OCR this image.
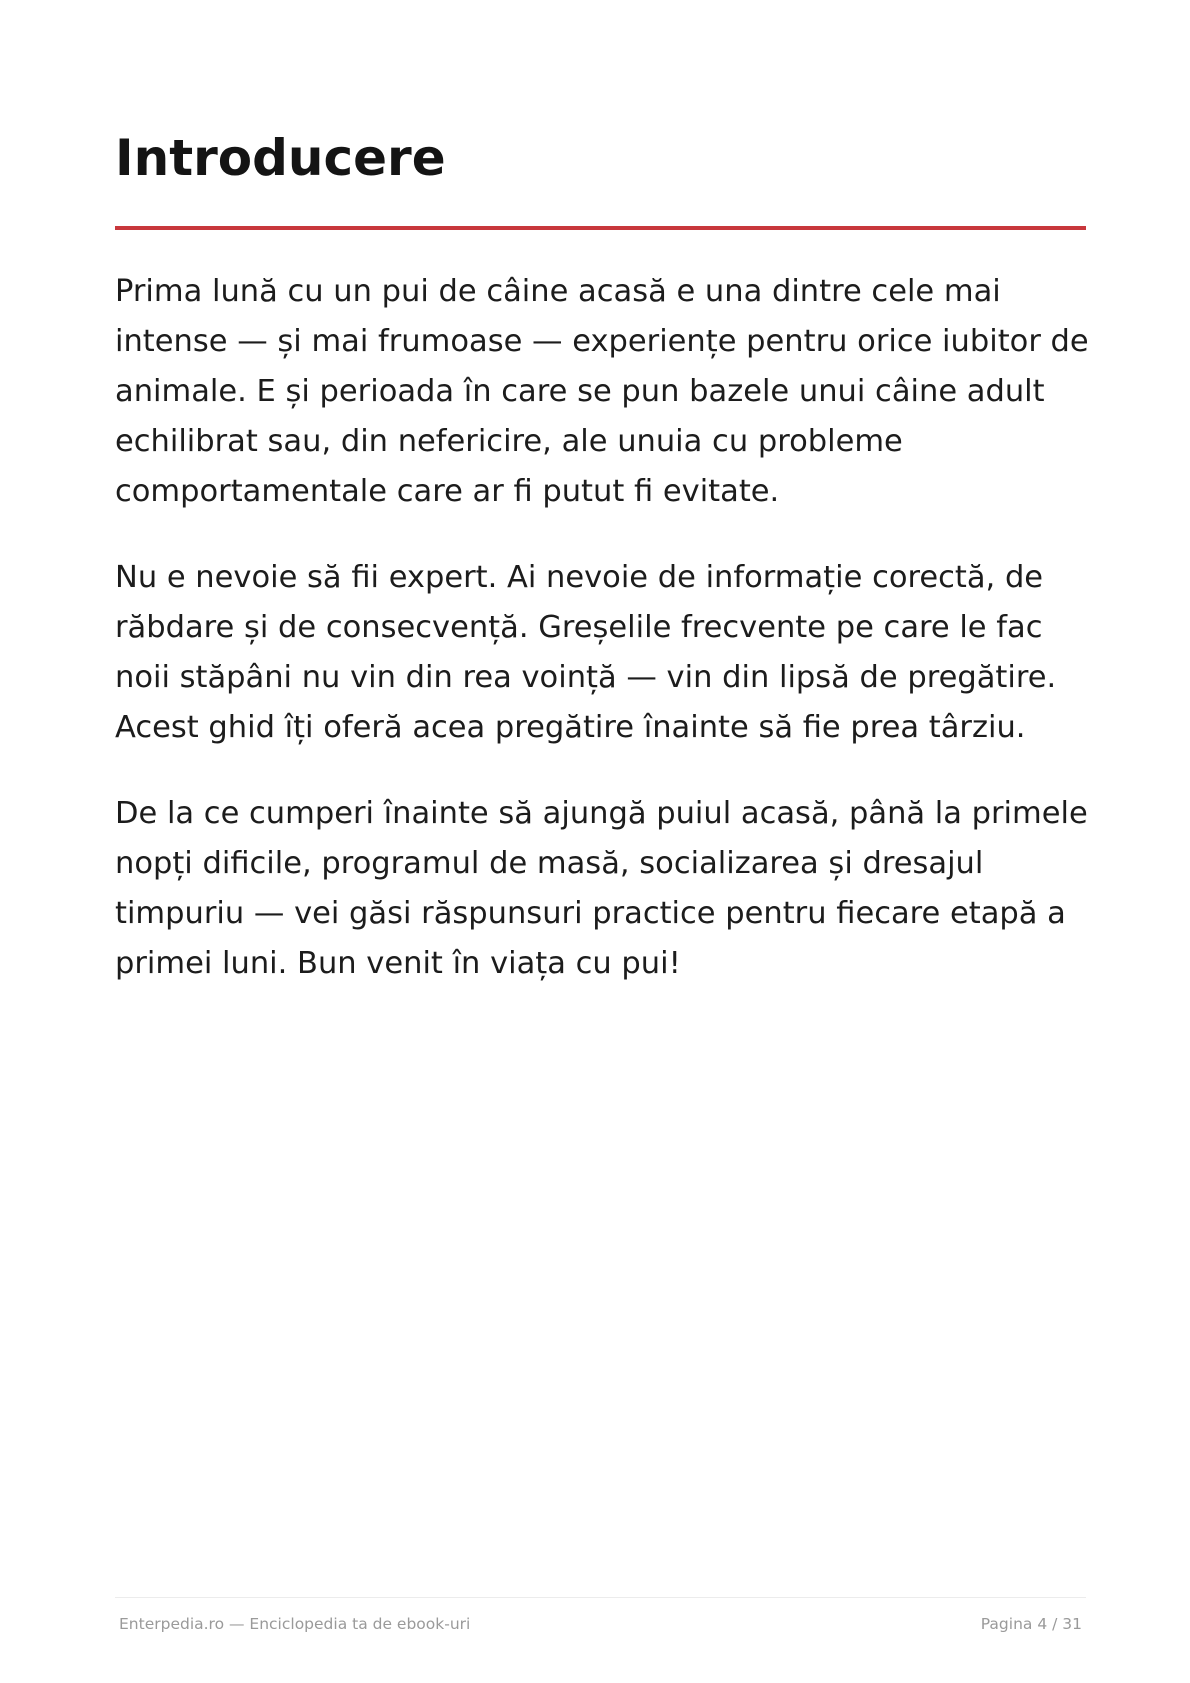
Introducere

Prima lună cu un pui de câine acasă e una dintre cele mai intense — și mai frumoase — experiențe pentru orice iubitor de animale. E și perioada în care se pun bazele unui câine adult echilibrat sau, din nefericire, ale unuia cu probleme comportamentale care ar fi putut fi evitate.

Nu e nevoie să fii expert. Ai nevoie de informație corectă, de răbdare și de consecvență. Greșelile frecvente pe care le fac noii stăpâni nu vin din rea voință — vin din lipsă de pregătire. Acest ghid îți oferă acea pregătire înainte să fie prea târziu.

De la ce cumperi înainte să ajungă puiul acasă, până la primele nopți dificile, programul de masă, socializarea și dresajul timpuriu — vei găsi răspunsuri practice pentru fiecare etapă a primei luni. Bun venit în viața cu pui!

Enterpedia.ro — Enciclopedia ta de ebook-uri	Pagina 4 / 31
